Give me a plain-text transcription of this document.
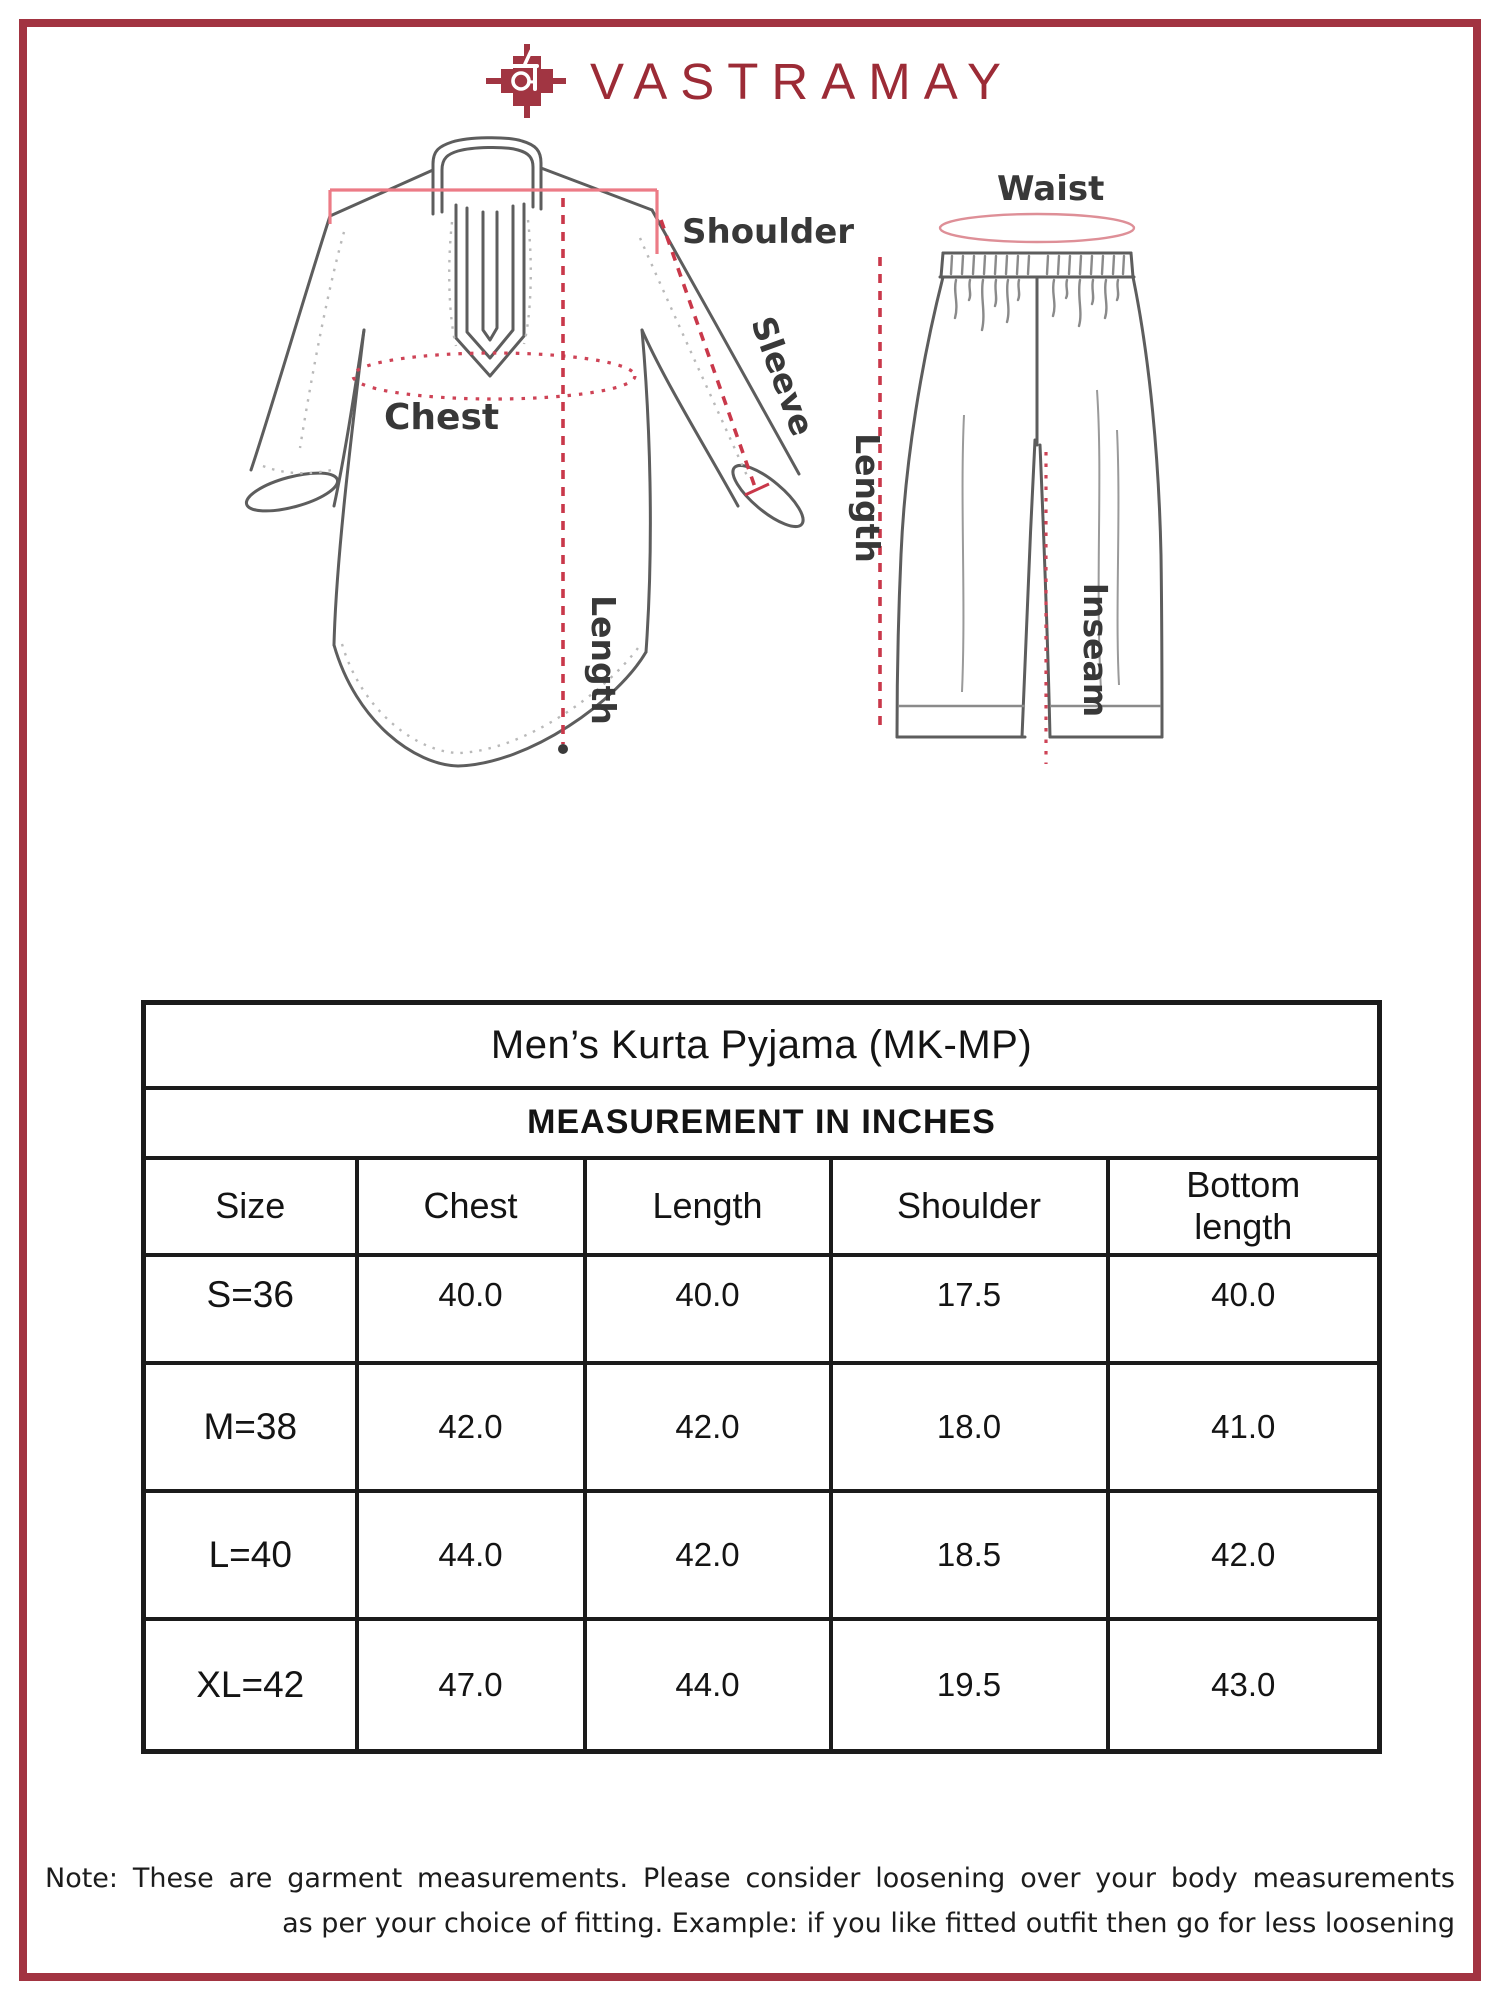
VASTRAMAY
Shoulder
Chest	Sleeve
Length
Waist
Length
Inseam
Men’s Kurta Pyjama (MK-MP)				
MEASUREMENT IN INCHES				
Size	Chest	Length	Shoulder	Bottom length
S=36	40.0	40.0	17.5	40.0
M=38	42.0	42.0	18.0	41.0
L=40	44.0	42.0	18.5	42.0
XL=42	47.0	44.0	19.5	43.0
Note: These are garment measurements. Please consider loosening over your body measurements
as per your choice of fitting. Example: if you like fitted outfit then go for less loosening
